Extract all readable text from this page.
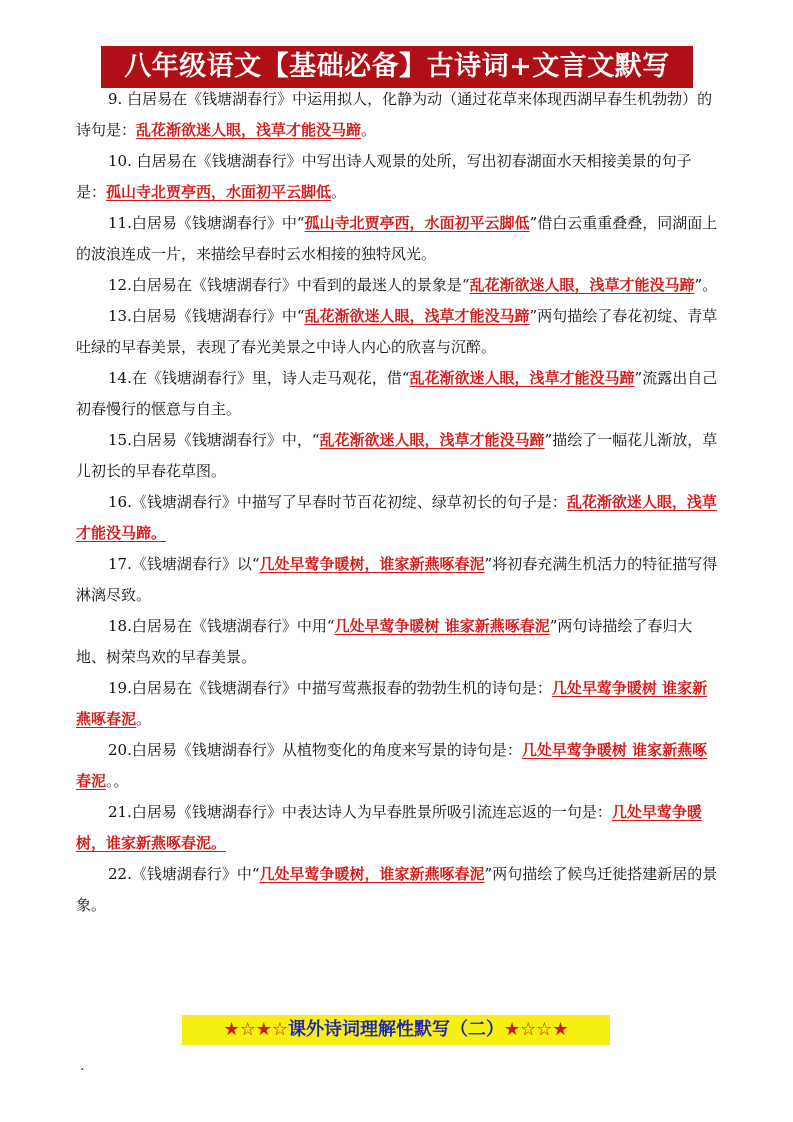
八年级语文【基础必备】古诗词+文言文默写

9. 白居易在《钱塘湖春行》中运用拟人，化静为动（通过花草来体现西湖早春生机勃勃）的诗句是：乱花渐欲迷人眼，浅草才能没马蹄。

10. 白居易在《钱塘湖春行》中写出诗人观景的处所，写出初春湖面水天相接美景的句子是：孤山寺北贾亭西，水面初平云脚低。

11.白居易《钱塘湖春行》中“孤山寺北贾亭西，水面初平云脚低”借白云重重叠叠，同湖面上的波浪连成一片，来描绘早春时云水相接的独特风光。

12.白居易在《钱塘湖春行》中看到的最迷人的景象是“乱花渐欲迷人眼，浅草才能没马蹄”。

13.白居易《钱塘湖春行》中“乱花渐欲迷人眼，浅草才能没马蹄”两句描绘了春花初绽、青草吐绿的早春美景，表现了春光美景之中诗人内心的欣喜与沉醉。

14.在《钱塘湖春行》里，诗人走马观花，借“乱花渐欲迷人眼，浅草才能没马蹄”流露出自己初春慢行的惬意与自主。

15.白居易《钱塘湖春行》中，“乱花渐欲迷人眼，浅草才能没马蹄”描绘了一幅花儿渐放，草儿初长的早春花草图。

16.《钱塘湖春行》中描写了早春时节百花初绽、绿草初长的句子是：乱花渐欲迷人眼，浅草才能没马蹄。

17.《钱塘湖春行》以“几处早莺争暖树，谁家新燕啄春泥”将初春充满生机活力的特征描写得淋漓尽致。

18.白居易在《钱塘湖春行》中用“几处早莺争暖树 谁家新燕啄春泥”两句诗描绘了春归大地、树荣鸟欢的早春美景。

19.白居易在《钱塘湖春行》中描写莺燕报春的勃勃生机的诗句是：几处早莺争暖树 谁家新燕啄春泥。

20.白居易《钱塘湖春行》从植物变化的角度来写景的诗句是：几处早莺争暖树 谁家新燕啄春泥。。

21.白居易《钱塘湖春行》中表达诗人为早春胜景所吸引流连忘返的一句是：几处早莺争暖树，谁家新燕啄春泥。

22.《钱塘湖春行》中“几处早莺争暖树，谁家新燕啄春泥”两句描绘了候鸟迁徙搭建新居的景象。

★☆★☆课外诗词理解性默写（二）★☆☆★
.
